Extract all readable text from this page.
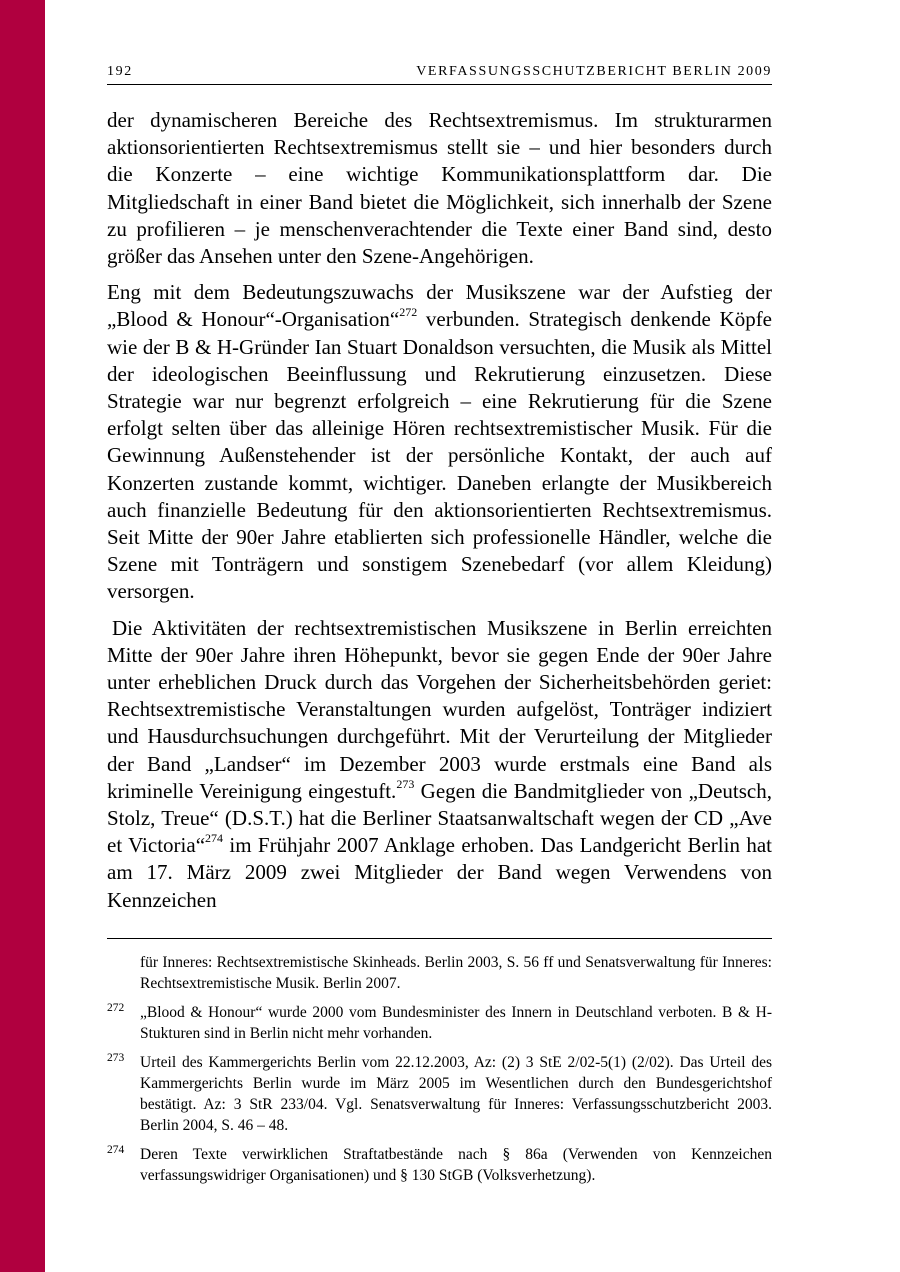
192	VERFASSUNGSSCHUTZBERICHT BERLIN 2009

der dynamischeren Bereiche des Rechtsextremismus. Im strukturarmen aktionsorientierten Rechtsextremismus stellt sie – und hier besonders durch die Konzerte – eine wichtige Kommunikationsplattform dar. Die Mitgliedschaft in einer Band bietet die Möglichkeit, sich innerhalb der Szene zu profilieren – je menschenverachtender die Texte einer Band sind, desto größer das Ansehen unter den Szene-Angehörigen.

Eng mit dem Bedeutungszuwachs der Musikszene war der Aufstieg der „Blood & Honour“-Organisation“$^{272}$ verbunden. Strategisch denkende Köpfe wie der B & H-Gründer Ian Stuart Donaldson versuchten, die Musik als Mittel der ideologischen Beeinflussung und Rekrutierung einzusetzen. Diese Strategie war nur begrenzt erfolgreich – eine Rekrutierung für die Szene erfolgt selten über das alleinige Hören rechtsextremistischer Musik. Für die Gewinnung Außenstehender ist der persönliche Kontakt, der auch auf Konzerten zustande kommt, wichtiger. Daneben erlangte der Musikbereich auch finanzielle Bedeutung für den aktionsorientierten Rechtsextremismus. Seit Mitte der 90er Jahre etablierten sich professionelle Händler, welche die Szene mit Tonträgern und sonstigem Szenebedarf (vor allem Kleidung) versorgen.

Die Aktivitäten der rechtsextremistischen Musikszene in Berlin erreichten Mitte der 90er Jahre ihren Höhepunkt, bevor sie gegen Ende der 90er Jahre unter erheblichen Druck durch das Vorgehen der Sicherheitsbehörden geriet: Rechtsextremistische Veranstaltungen wurden aufgelöst, Tonträger indiziert und Hausdurchsuchungen durchgeführt. Mit der Verurteilung der Mitglieder der Band „Landser“ im Dezember 2003 wurde erstmals eine Band als kriminelle Vereinigung eingestuft.$^{273}$ Gegen die Bandmitglieder von „Deutsch, Stolz, Treue“ (D.S.T.) hat die Berliner Staatsanwaltschaft wegen der CD „Ave et Victoria“$^{274}$ im Frühjahr 2007 Anklage erhoben. Das Landgericht Berlin hat am 17. März 2009 zwei Mitglieder der Band wegen Verwendens von Kennzeichen

für Inneres: Rechtsextremistische Skinheads. Berlin 2003, S. 56 ff und Senatsverwaltung für Inneres: Rechtsextremistische Musik. Berlin 2007.
272 „Blood & Honour“ wurde 2000 vom Bundesminister des Innern in Deutschland verboten. B & H-Stukturen sind in Berlin nicht mehr vorhanden.
273 Urteil des Kammergerichts Berlin vom 22.12.2003, Az: (2) 3 StE 2/02-5(1) (2/02). Das Urteil des Kammergerichts Berlin wurde im März 2005 im Wesentlichen durch den Bundesgerichtshof bestätigt. Az: 3 StR 233/04. Vgl. Senatsverwaltung für Inneres: Verfassungsschutzbericht 2003. Berlin 2004, S. 46 – 48.
274 Deren Texte verwirklichen Straftatbestände nach § 86a (Verwenden von Kennzeichen verfassungswidriger Organisationen) und § 130 StGB (Volksverhetzung).
